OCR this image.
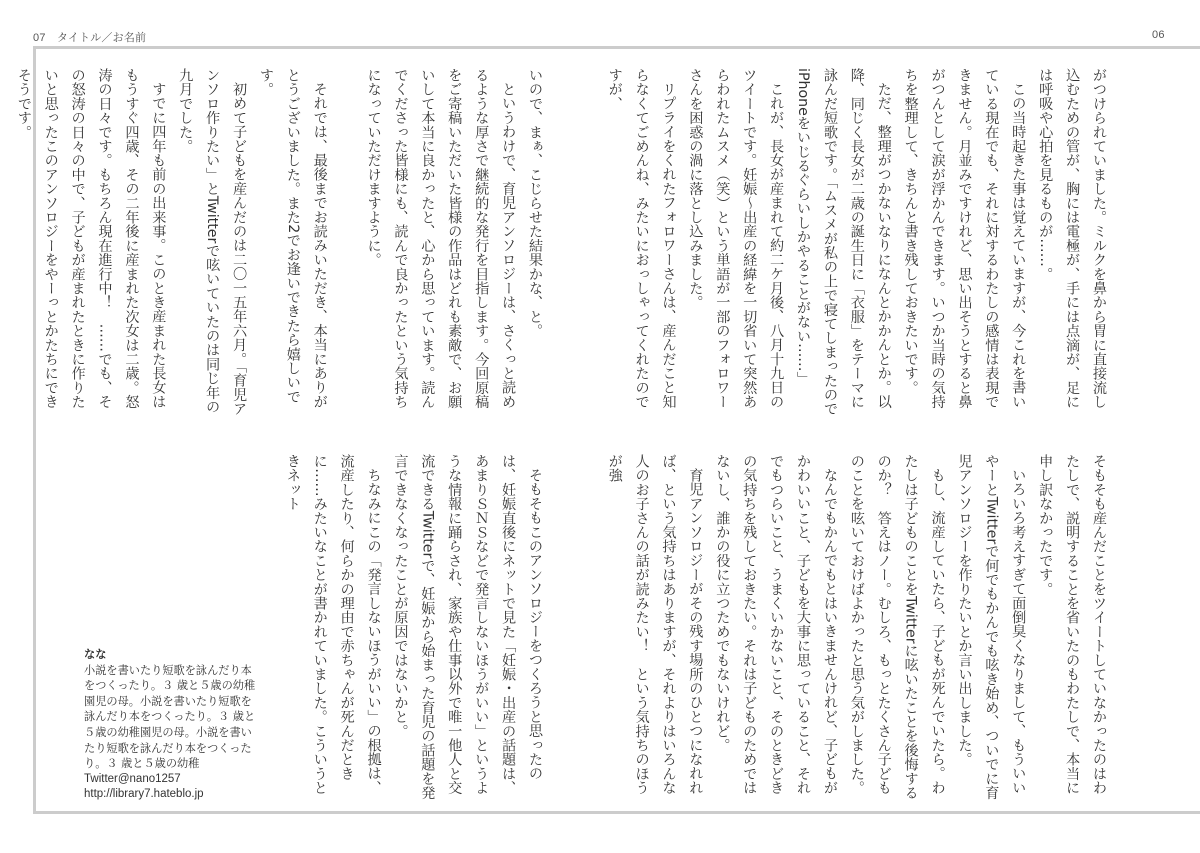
07　タイトル／お名前	06

がつけられていました。ミルクを鼻から胃に直接流し込むための管が、胸には電極が、手には点滴が、足には呼吸や心拍を見るものが……。

この当時起きた事は覚えていますが、今これを書いている現在でも、それに対するわたしの感情は表現できません。月並みですけれど、思い出そうとすると鼻がつんとして涙が浮かんできます。いつか当時の気持ちを整理して、きちんと書き残しておきたいです。

ただ、整理がつかないなりになんとかかんとか。以降、同じく長女が二歳の誕生日に「衣服」をテーマに詠んだ短歌です。「ムスメが私の上で寝てしまったのでiPhoneをいじるぐらいしかやることがない……」

これが、長女が産まれて約二ケ月後、八月十九日のツイートです。妊娠～出産の経緯を一切省いて突然あらわれたムスメ（笑）という単語が一部のフォロワーさんを困惑の渦に落とし込みました。

リプライをくれたフォロワーさんは、産んだこと知らなくてごめんね、みたいにおっしゃってくれたのですが、

いので、まぁ、こじらせた結果かな、と。

というわけで、育児アンソロジーは、さくっと読めるような厚さで継続的な発行を目指します。今回原稿をご寄稿いただいた皆様の作品はどれも素敵で、お願いして本当に良かったと、心から思っています。読んでくださった皆様にも、読んで良かったという気持ちになっていただけますように。

それでは、最後までお読みいただき、本当にありがとうございました。また2でお逢いできたら嬉しいです。

初めて子どもを産んだのは二〇一五年六月。「育児アンソロ作りたい」とTwitterで呟いていたのは同じ年の九月でした。

すでに四年も前の出来事。このとき産まれた長女はもうすぐ四歳、その二年後に産まれた次女は二歳。怒涛の日々です。もちろん現在進行中！　……でも、その怒涛の日々の中で、子どもが産まれたときに作りたいと思ったこのアンソロジーをやーっとかたちにできそうです。

そもそも産んだことをツイートしていなかったのはわたしで、説明することを省いたのもわたしで、本当に申し訳なかったです。

いろいろ考えすぎて面倒臭くなりまして、もういいやーとTwitterで何でもかんでも呟き始め、ついでに育児アンソロジーを作りたいとか言い出しました。

もし、流産していたら、子どもが死んでいたら。わたしは子どものことをTwitterに呟いたことを後悔するのか？　答えはノー。むしろ、もっとたくさん子どものことを呟いておけばよかったと思う気がしました。

なんでもかんでもとはいきませんけれど、子どもがかわいいこと、子どもを大事に思っていること、それでもつらいこと、うまくいかないこと、そのときどきの気持ちを残しておきたい。それは子どものためではないし、誰かの役に立つためでもないけれど。

育児アンソロジーがその残す場所のひとつになれれば、という気持ちはありますが、それよりはいろんな人のお子さんの話が読みたい！　という気持ちのほうが強

そもそもこのアンソロジーをつくろうと思ったのは、妊娠直後にネットで見た「妊娠・出産の話題は、あまりＳＮＳなどで発言しないほうがいい」というような情報に踊らされ、家族や仕事以外で唯一他人と交流できるTwitterで、妊娠から始まった育児の話題を発言できなくなったことが原因ではないかと。

ちなみにこの「発言しないほうがいい」の根拠は、流産したり、何らかの理由で赤ちゃんが死んだときに……みたいなことが書かれていました。こういうときネット

なな
小説を書いたり短歌を詠んだり本
をつくったり。３ 歳と５歳の幼稚
園児の母。小説を書いたり短歌を
詠んだり本をつくったり。３ 歳と
５歳の幼稚園児の母。小説を書い
たり短歌を詠んだり本をつくった
り。３ 歳と５歳の幼稚
Twitter@nano1257
http://library7.hateblo.jp
